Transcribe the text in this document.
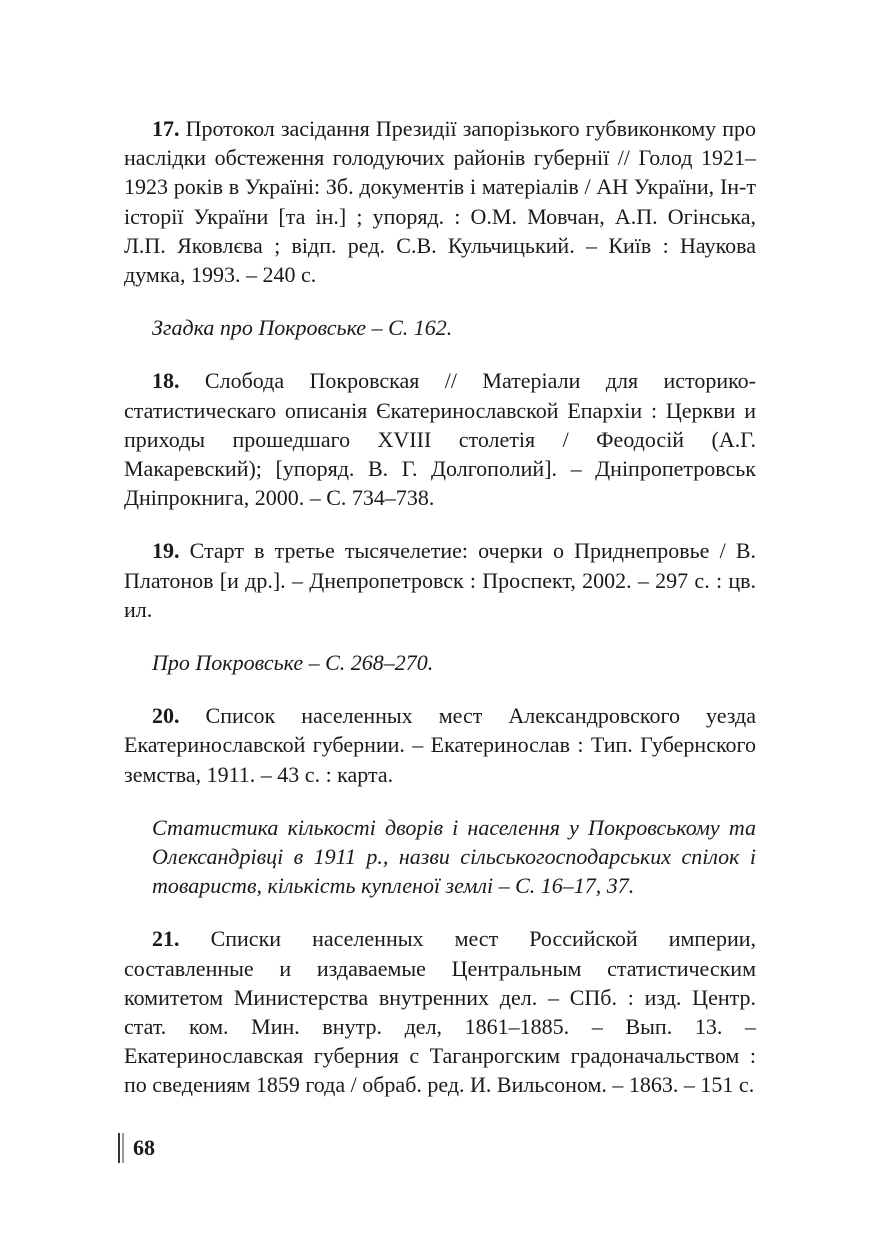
17. Протокол засідання Президії запорізького губвиконкому про наслідки обстеження голодуючих районів губернії // Голод 1921–1923 років в Україні: Зб. документів і матеріалів / АН України, Ін-т історії України [та ін.] ; упоряд. : О.М. Мовчан, А.П. Огінська, Л.П. Яковлєва ; відп. ред. С.В. Кульчицький. – Київ : Наукова думка, 1993. – 240 с.

Згадка про Покровське – С. 162.

18. Слобода Покровская // Матеріали для историко-статистическаго описанія Єкатеринославской Епархіи : Церкви и приходы прошедшаго XVIII столетія / Феодосій (А.Г. Макаревский); [упоряд. В. Г. Долгополий]. – Дніпропетровськ Дніпрокнига, 2000. – С. 734–738.

19. Старт в третье тысячелетие: очерки о Приднепровье / В. Платонов [и др.]. – Днепропетровск : Проспект, 2002. – 297 с. : цв. ил.

Про Покровське – С. 268–270.

20. Список населенных мест Александровского уезда Екатеринославской губернии. – Екатеринослав : Тип. Губернского земства, 1911. – 43 с. : карта.

Статистика кількості дворів і населення у Покровському та Олександрівці в 1911 р., назви сільськогосподарських спілок і товариств, кількість купленої землі – С. 16–17, 37.

21. Списки населенных мест Российской империи, составленные и издаваемые Центральным статистическим комитетом Министерства внутренних дел. – СПб. : изд. Центр. стат. ком. Мин. внутр. дел, 1861–1885. – Вып. 13. – Екатеринославская губерния с Таганрогским градоначальством : по сведениям 1859 года / обраб. ред. И. Вильсоном. – 1863. – 151 с.

68
